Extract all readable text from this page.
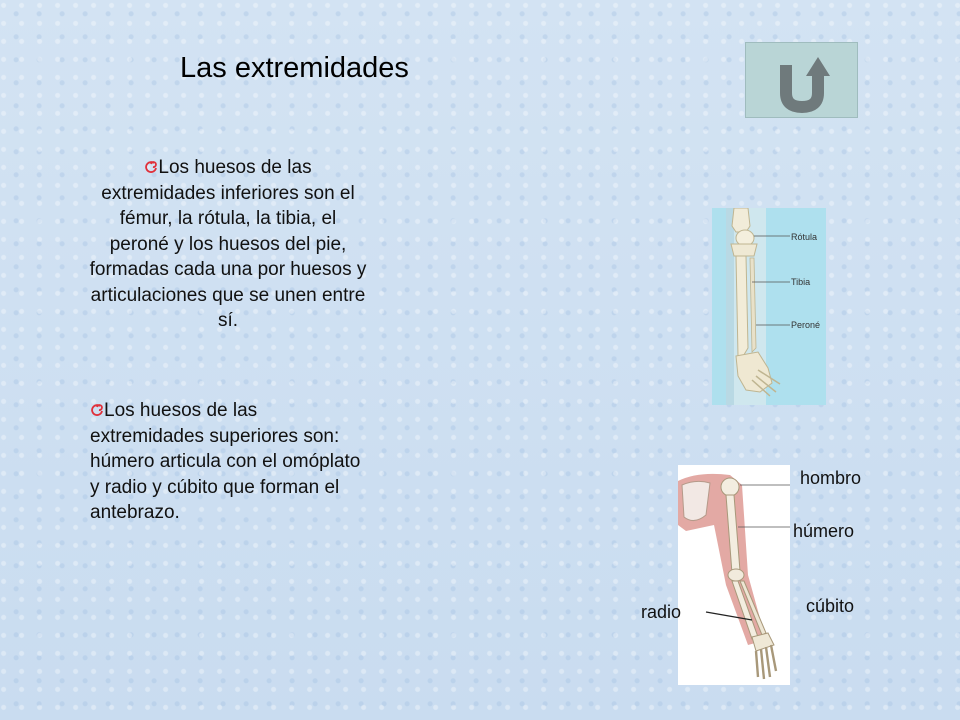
Las extremidades
Los huesos de las extremidades inferiores son el fémur, la rótula, la tibia, el peroné y los huesos del pie, formadas cada una por huesos y articulaciones que se unen entre sí.
Los huesos de las extremidades superiores son: húmero articula con el omóplato y radio y cúbito que forman el antebrazo.
Rótula
Tibia
Peroné
hombro
húmero
cúbito
radio
